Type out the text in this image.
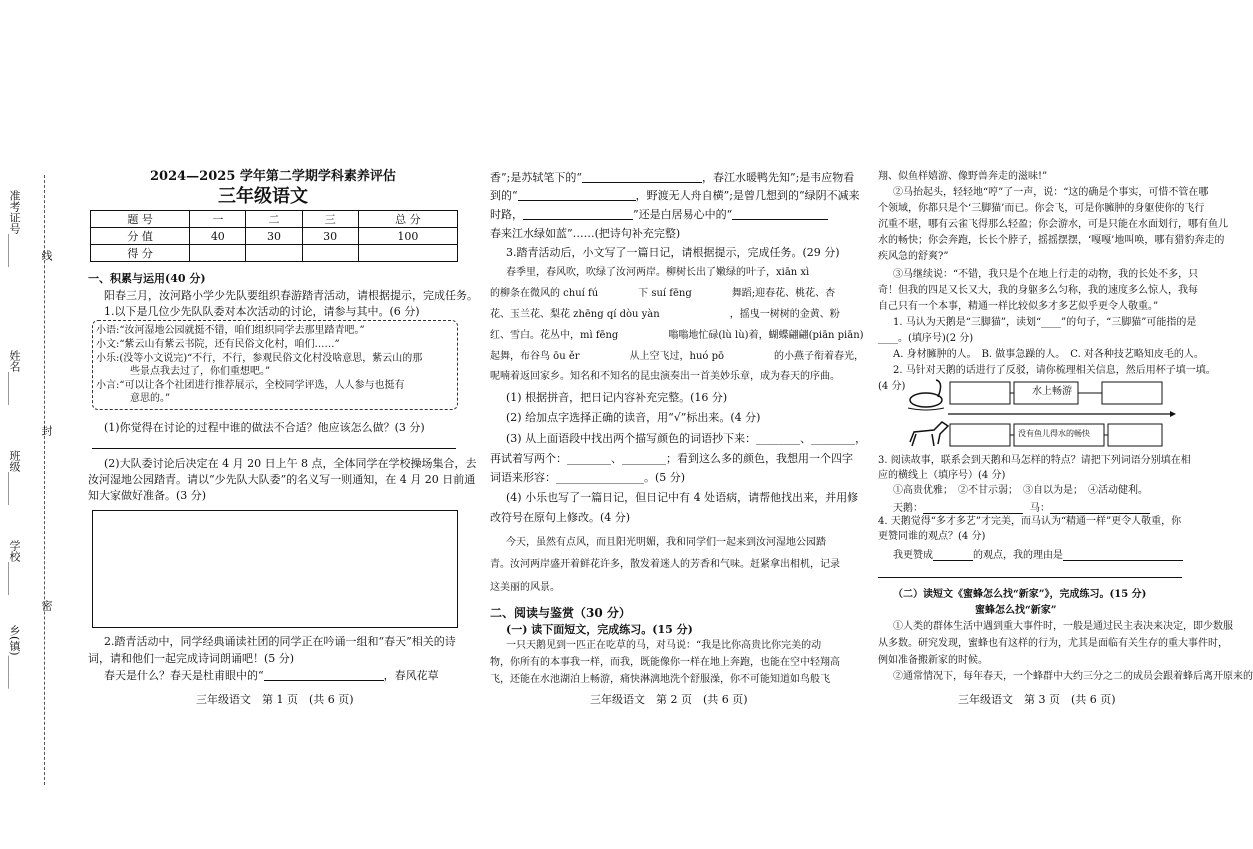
密
封
线
乡(镇)______
学校______
班级______
姓名______
准考证号______
2024—2025 学年第二学期学科素养评估
三年级语文
题 号	一	二	三	总 分
分 值	40	30	30	100
得 分				
一、积累与运用(40 分)
阳春三月，汝河路小学少先队要组织春游踏青活动，请根据提示，完成任务。
1.以下是几位少先队队委对本次活动的讨论，请参与其中。(6 分)
小语:“汝河湿地公园就挺不错，咱们组织同学去那里踏青吧。”
小文:“紫云山有紫云书院，还有民俗文化村，咱们……”
小乐:(没等小文说完)“不行，不行，参观民俗文化村没啥意思，紫云山的那
些景点我去过了，你们重想吧。”
小言:“可以让各个社团进行推荐展示，全校同学评选，人人参与也挺有
意思的。”
(1)你觉得在讨论的过程中谁的做法不合适？他应该怎么做？(3 分)
(2)大队委讨论后决定在 4 月 20 日上午 8 点，全体同学在学校操场集合，去
汝河湿地公园踏青。请以“少先队大队委”的名义写一则通知，在 4 月 20 日前通
知大家做好准备。(3 分)
2.踏青活动中，同学经典诵读社团的同学正在吟诵一组和“春天”相关的诗
词，请和他们一起完成诗词朗诵吧！(5 分)
春天是什么？春天是杜甫眼中的“	，春风花草
三年级语文　第 1 页　(共 6 页)
香”;是苏轼笔下的“	，春江水暖鸭先知”;是韦应物看
到的“	，野渡无人舟自横”;是曾几想到的“绿阴不减来
时路，	”还是白居易心中的“
春来江水绿如蓝”……(把诗句补充完整)
3.踏青活动后，小文写了一篇日记，请根据提示，完成任务。(29 分)
春季里，春风吹，吹绿了汝河两岸。柳树长出了嫩绿的叶子，xiān xì
的柳条在微风的 chuí fú　　　　下 suí fēng　　　　舞蹈;迎春花、桃花、杏
花、玉兰花、梨花 zhēng qí dòu yàn　　　　　　　，摇曳一树树的金黄、粉
红、雪白。花丛中，mì fēng　　　　　嗡嗡地忙碌(lù lù)着，蝴蝶翩翩(piān piān)
起舞，布谷鸟 ōu ěr　　　　　从上空飞过，huó pō　　　　　的小燕子衔着春光，
呢喃着返回家乡。知名和不知名的昆虫演奏出一首美妙乐章，成为春天的序曲。
(1) 根据拼音，把日记内容补充完整。(16 分)
(2) 给加点字选择正确的读音，用“√”标出来。(4 分)
(3) 从上面语段中找出两个描写颜色的词语抄下来：________、________，
再试着写两个：________、________；看到这么多的颜色，我想用一个四字
词语来形容：________________。(5 分)
(4) 小乐也写了一篇日记，但日记中有 4 处语病，请帮他找出来，并用修
改符号在原句上修改。(4 分)
今天，虽然有点风，而且阳光明媚，我和同学们一起来到汝河湿地公园踏
青。汝河两岸盛开着鲜花许多，散发着迷人的芳香和气味。赶紧拿出相机，记录
这美丽的风景。
二、阅读与鉴赏（30 分）
(一) 读下面短文，完成练习。(15 分)
一只天鹅见到一匹正在吃草的马，对马说：“我是比你高贵比你完美的动
物，你所有的本事我一样，而我，既能像你一样在地上奔跑，也能在空中轻翔高
飞，还能在水池湖泊上畅游，痛快淋漓地洗个舒服澡，你不可能知道如鸟般飞
三年级语文　第 2 页　(共 6 页)
翔、似鱼样嬉游、像野兽奔走的滋味!”
②马抬起头，轻轻地“哼”了一声，说：“这的确是个事实，可惜不管在哪
个领域，你都只是个‘三脚猫’而已。你会飞，可是你臃肿的身躯使你的飞行
沉重不堪，哪有云雀飞得那么轻盈；你会游水，可是只能在水面划行，哪有鱼儿
水的畅快；你会奔跑，长长个脖子，摇摇摆摆，‘嘎嘎’地叫唤，哪有猎豹奔走的
疾风急的舒爽?”
③马继续说：“不错，我只是个在地上行走的动物，我的长处不多，只
奇！但我的四足又长又大，我的身躯多么匀称，我的速度多么惊人，我每
自己只有一个本事，精通一样比较似多才多艺似乎更令人敬重。”
1. 马认为天鹅是“三脚猫”，读划“____”的句子，“三脚猫”可能指的是
____。(填序号)(2 分)
A. 身材臃肿的人。　B. 做事急躁的人。　C. 对各种技艺略知皮毛的人。
2. 马针对天鹅的话进行了反驳，请你梳理相关信息，然后用杯子填一填。
(4 分)	水上畅游
没有鱼儿得水的畅快
3. 阅读故事，联系会到天鹅和马怎样的特点？请把下列词语分别填在相
应的横线上（填序号）(4 分)
①高贵优雅；　②不甘示弱；　③自以为是；　④活动健利。
天鹅：	马：
4. 天鹅觉得“多才多艺”才完美，而马认为“精通一样”更令人敬重，你
更赞同谁的观点？(4 分)
我更赞成	的观点，我的理由是
（二）读短文《蜜蜂怎么找“新家”》，完成练习。(15 分)
蜜蜂怎么找“新家”
①人类的群体生活中遇到重大事件时，一般是通过民主表决来决定，即少数服
从多数。研究发现，蜜蜂也有这样的行为，尤其是面临有关生存的重大事件时，
例如准备搬新家的时候。
②通常情况下，每年春天，一个蜂群中大约三分之二的成员会跟着蜂后离开原来的
三年级语文　第 3 页　(共 6 页)
